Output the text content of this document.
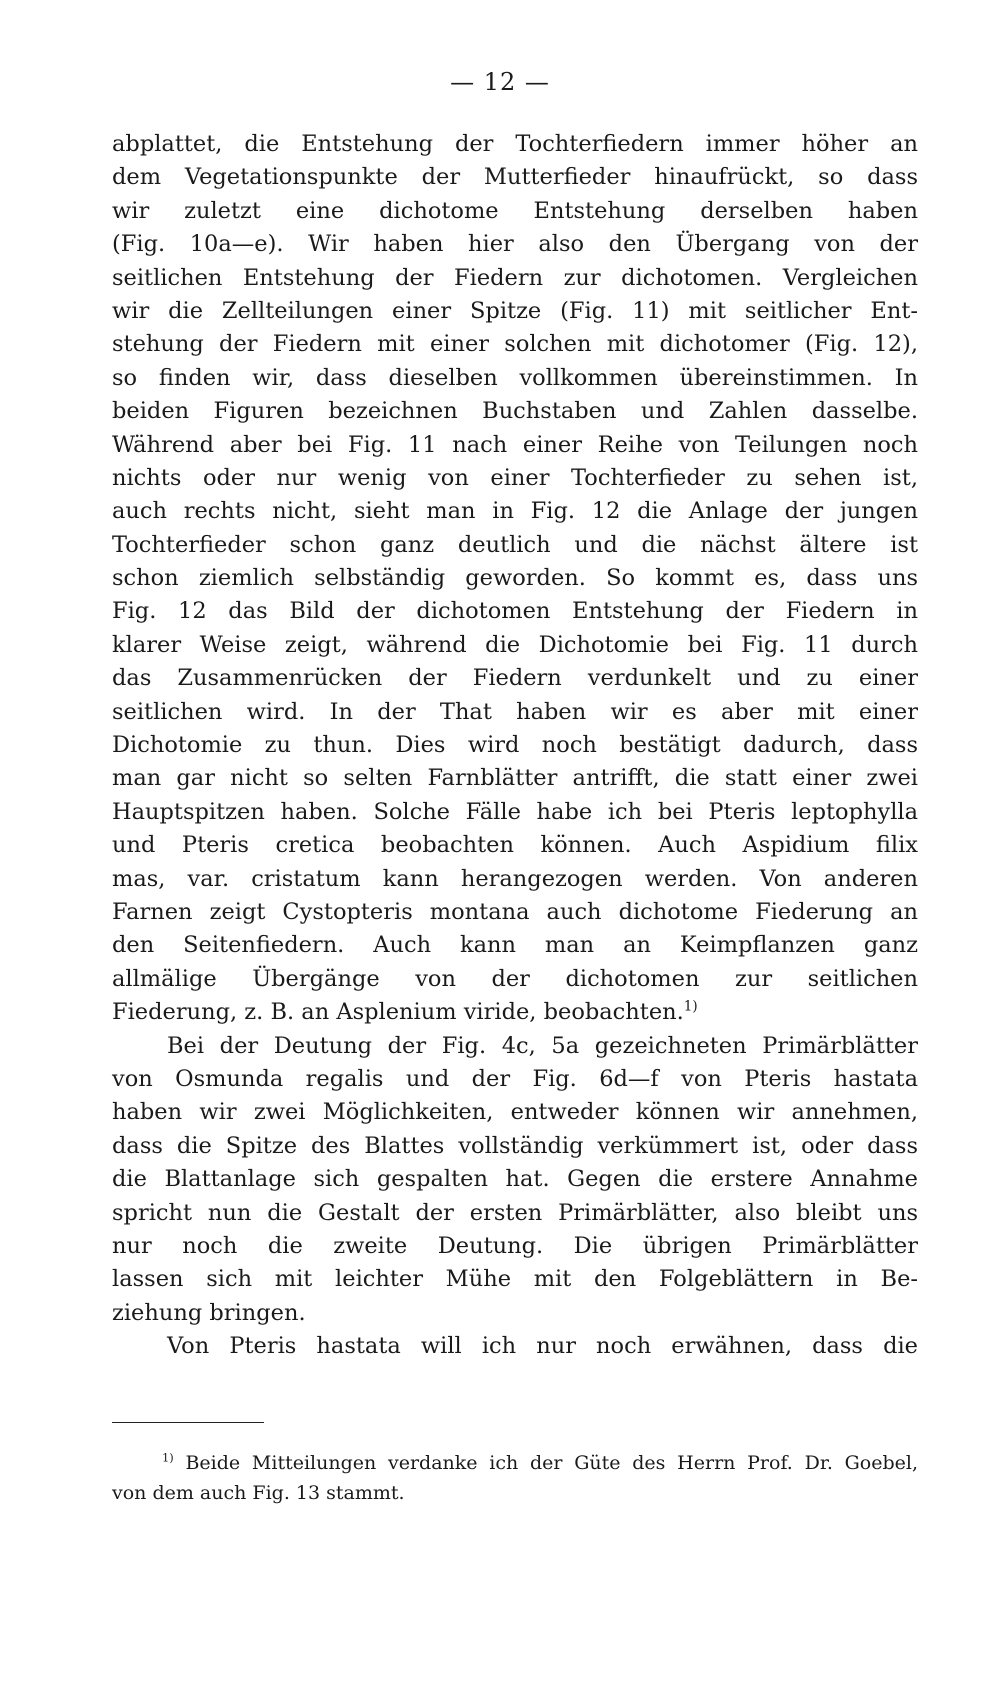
— 12 —
abplattet, die Entstehung der Tochterfiedern immer höher an
dem Vegetationspunkte der Mutterfieder hinaufrückt, so dass
wir zuletzt eine dichotome Entstehung derselben haben
(Fig. 10a—e). Wir haben hier also den Übergang von der
seitlichen Entstehung der Fiedern zur dichotomen. Vergleichen
wir die Zellteilungen einer Spitze (Fig. 11) mit seitlicher Ent-
stehung der Fiedern mit einer solchen mit dichotomer (Fig. 12),
so finden wir, dass dieselben vollkommen übereinstimmen. In
beiden Figuren bezeichnen Buchstaben und Zahlen dasselbe.
Während aber bei Fig. 11 nach einer Reihe von Teilungen noch
nichts oder nur wenig von einer Tochterfieder zu sehen ist,
auch rechts nicht, sieht man in Fig. 12 die Anlage der jungen
Tochterfieder schon ganz deutlich und die nächst ältere ist
schon ziemlich selbständig geworden. So kommt es, dass uns
Fig. 12 das Bild der dichotomen Entstehung der Fiedern in
klarer Weise zeigt, während die Dichotomie bei Fig. 11 durch
das Zusammenrücken der Fiedern verdunkelt und zu einer
seitlichen wird. In der That haben wir es aber mit einer
Dichotomie zu thun. Dies wird noch bestätigt dadurch, dass
man gar nicht so selten Farnblätter antrifft, die statt einer zwei
Hauptspitzen haben. Solche Fälle habe ich bei Pteris leptophylla
und Pteris cretica beobachten können. Auch Aspidium filix
mas, var. cristatum kann herangezogen werden. Von anderen
Farnen zeigt Cystopteris montana auch dichotome Fiederung an
den Seitenfiedern. Auch kann man an Keimpflanzen ganz
allmälige Übergänge von der dichotomen zur seitlichen
Fiederung, z. B. an Asplenium viride, beobachten.$^{1)}$
Bei der Deutung der Fig. 4c, 5a gezeichneten Primärblätter
von Osmunda regalis und der Fig. 6d—f von Pteris hastata
haben wir zwei Möglichkeiten, entweder können wir annehmen,
dass die Spitze des Blattes vollständig verkümmert ist, oder dass
die Blattanlage sich gespalten hat. Gegen die erstere Annahme
spricht nun die Gestalt der ersten Primärblätter, also bleibt uns
nur noch die zweite Deutung. Die übrigen Primärblätter
lassen sich mit leichter Mühe mit den Folgeblättern in Be-
ziehung bringen.
Von Pteris hastata will ich nur noch erwähnen, dass die
$^{1)}$ Beide Mitteilungen verdanke ich der Güte des Herrn Prof. Dr. Goebel,
von dem auch Fig. 13 stammt.
